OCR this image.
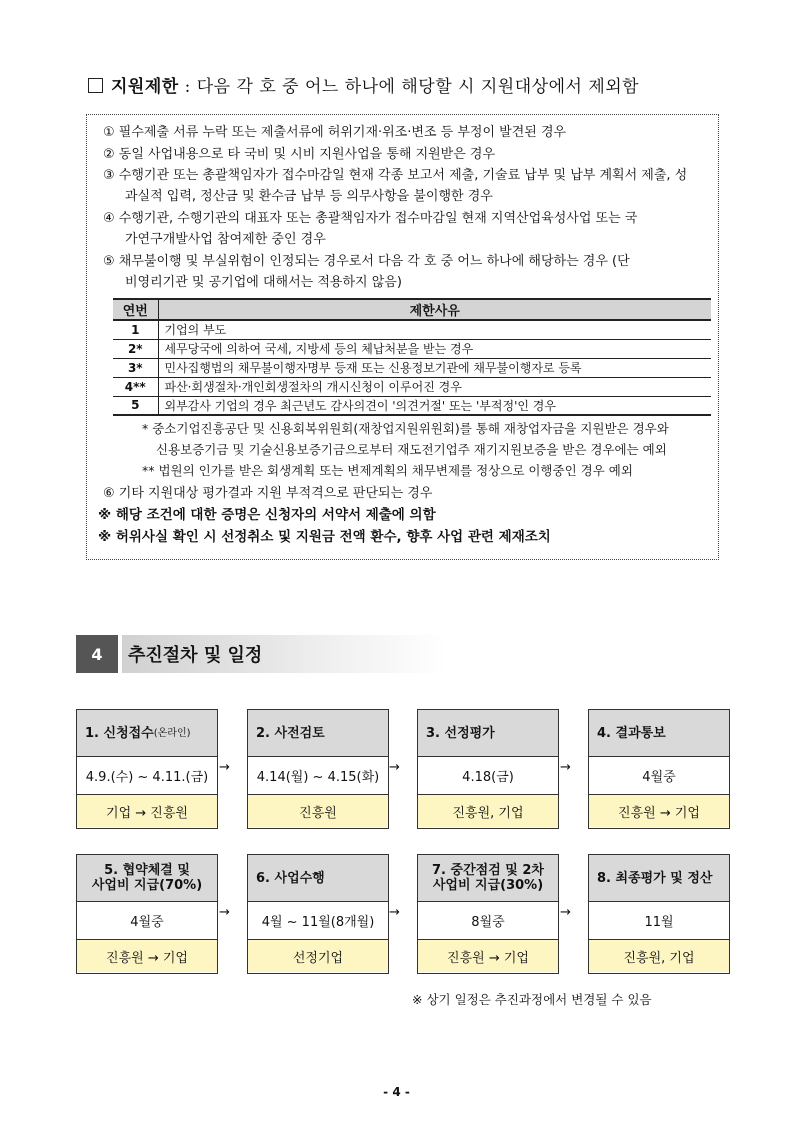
지원제한 : 다음 각 호 중 어느 하나에 해당할 시 지원대상에서 제외함
① 필수제출 서류 누락 또는 제출서류에 허위기재·위조·변조 등 부정이 발견된 경우
② 동일 사업내용으로 타 국비 및 시비 지원사업을 통해 지원받은 경우
③ 수행기관 또는 총괄책임자가 접수마감일 현재 각종 보고서 제출, 기술료 납부 및 납부 계획서 제출, 성
과실적 입력, 정산금 및 환수금 납부 등 의무사항을 불이행한 경우
④ 수행기관, 수행기관의 대표자 또는 총괄책임자가 접수마감일 현재 지역산업육성사업 또는 국
가연구개발사업 참여제한 중인 경우
⑤ 채무불이행 및 부실위험이 인정되는 경우로서 다음 각 호 중 어느 하나에 해당하는 경우 (단
비영리기관 및 공기업에 대해서는 적용하지 않음)
연번	제한사유
1	기업의 부도
2*	세무당국에 의하여 국세, 지방세 등의 체납처분을 받는 경우
3*	민사집행법의 채무불이행자명부 등재 또는 신용정보기관에 채무불이행자로 등록
4**	파산·회생절차·개인회생절차의 개시신청이 이루어진 경우
5	외부감사 기업의 경우 최근년도 감사의견이 '의견거절' 또는 '부적정'인 경우
* 중소기업진흥공단 및 신용회복위원회(재창업지원위원회)를 통해 재창업자금을 지원받은 경우와
신용보증기금 및 기술신용보증기금으로부터 재도전기업주 재기지원보증을 받은 경우에는 예외
** 법원의 인가를 받은 회생계획 또는 변제계획의 채무변제를 정상으로 이행중인 경우 예외
⑥ 기타 지원대상 평가결과 지원 부적격으로 판단되는 경우
※ 해당 조건에 대한 증명은 신청자의 서약서 제출에 의함
※ 허위사실 확인 시 선정취소 및 지원금 전액 환수, 향후 사업 관련 제재조치
4	추진절차 및 일정
1. 신청접수 (온라인)
4.9.(수) ~ 4.11.(금)
기업 → 진흥원
→
2. 사전검토
4.14(월) ~ 4.15(화)
진흥원
→
3. 선정평가
4.18(금)
진흥원, 기업
→
4. 결과통보
4월중
진흥원 → 기업
5. 협약체결 및
사업비 지급(70%)
4월중
진흥원 → 기업
→
6. 사업수행
4월 ~ 11월(8개월)
선정기업
→
7. 중간점검 및 2차
사업비 지급(30%)
8월중
진흥원 → 기업
→
8. 최종평가 및 정산
11월
진흥원, 기업
※ 상기 일정은 추진과정에서 변경될 수 있음
- 4 -
